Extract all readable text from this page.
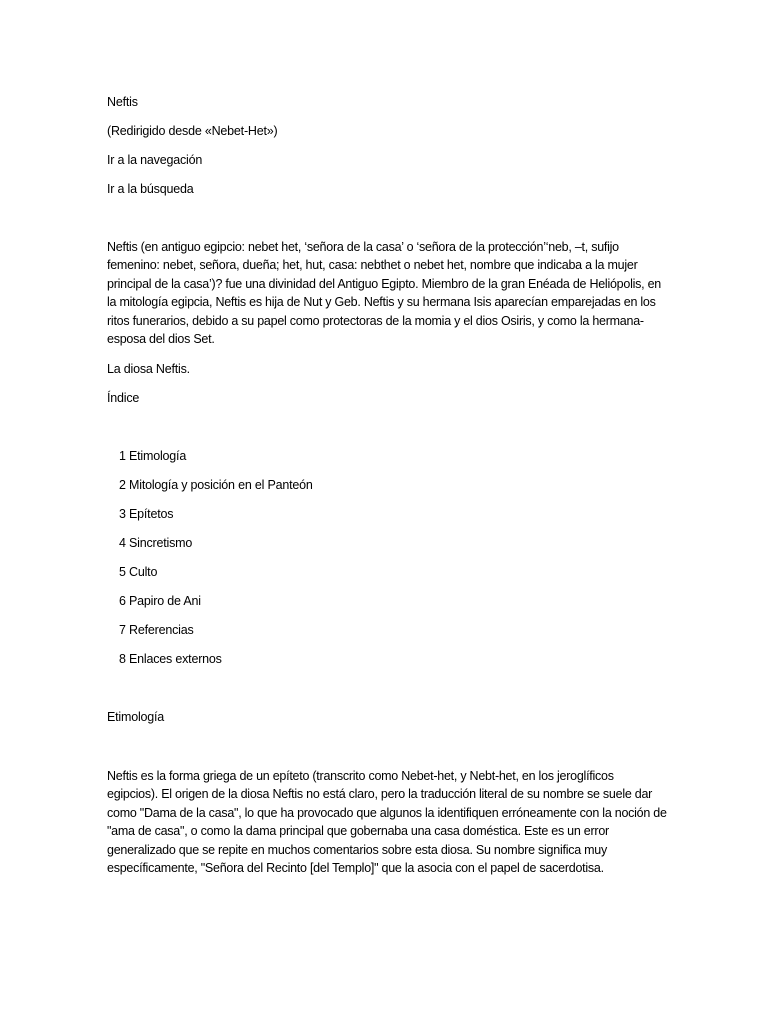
Neftis
(Redirigido desde «Nebet-Het»)
Ir a la navegación
Ir a la búsqueda
Neftis (en antiguo egipcio: nebet het, ‘señora de la casa’ o ‘señora de la protección’‘neb, –t, sufijo femenino: nebet, señora, dueña; het, hut, casa: nebthet o nebet het, nombre que indicaba a la mujer principal de la casa’)? fue una divinidad del Antiguo Egipto. Miembro de la gran Enéada de Heliópolis, en la mitología egipcia, Neftis es hija de Nut y Geb. Neftis y su hermana Isis aparecían emparejadas en los ritos funerarios, debido a su papel como protectoras de la momia y el dios Osiris, y como la hermana-esposa del dios Set.
La diosa Neftis.
Índice
1 Etimología
2 Mitología y posición en el Panteón
3 Epítetos
4 Sincretismo
5 Culto
6 Papiro de Ani
7 Referencias
8 Enlaces externos
Etimología
Neftis es la forma griega de un epíteto (transcrito como Nebet-het, y Nebt-het, en los jeroglíficos egipcios). El origen de la diosa Neftis no está claro, pero la traducción literal de su nombre se suele dar como "Dama de la casa", lo que ha provocado que algunos la identifiquen erróneamente con la noción de "ama de casa", o como la dama principal que gobernaba una casa doméstica. Este es un error generalizado que se repite en muchos comentarios sobre esta diosa. Su nombre significa muy específicamente, "Señora del Recinto [del Templo]" que la asocia con el papel de sacerdotisa.
